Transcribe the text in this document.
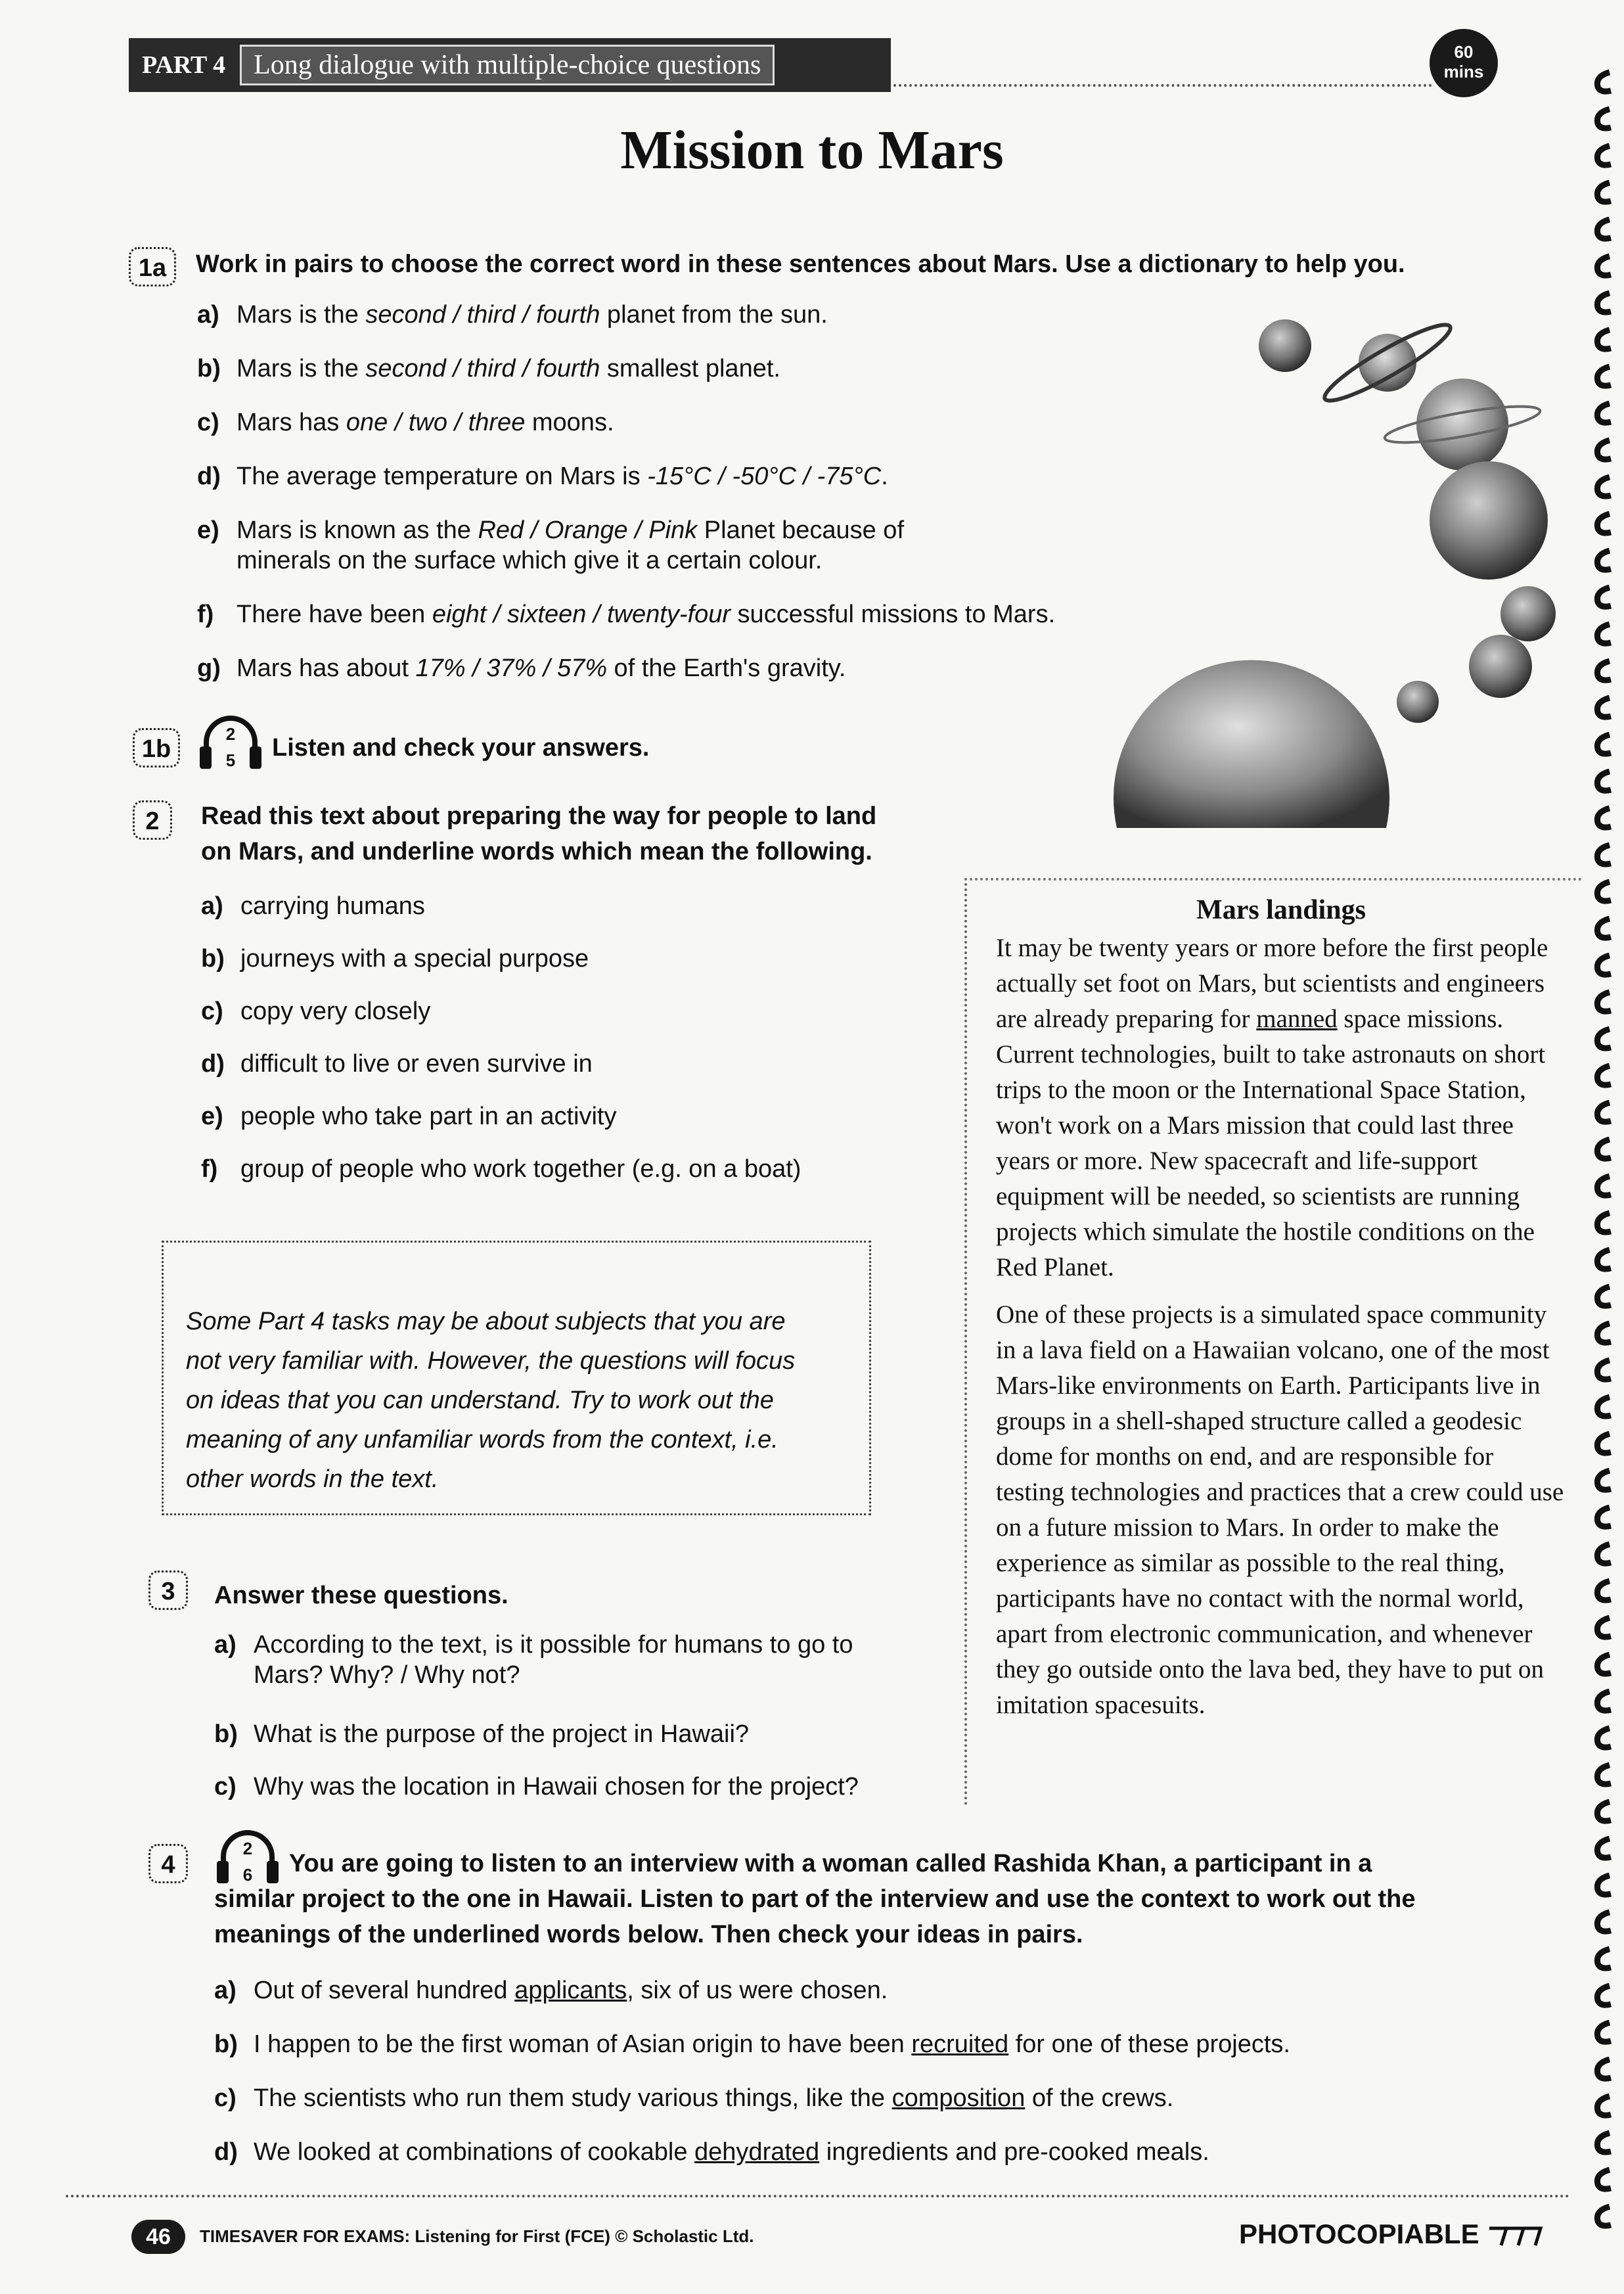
PART 4	Long dialogue with multiple-choice questions	60
mins
Mission to Mars
1a	Work in pairs to choose the correct word in these sentences about Mars. Use a dictionary to help you.
a) Mars is the second / third / fourth planet from the sun.
b) Mars is the second / third / fourth smallest planet.
c) Mars has one / two / three moons.
d) The average temperature on Mars is -15°C / -50°C / -75°C.
e) Mars is known as the Red / Orange / Pink Planet because of
minerals on the surface which give it a certain colour.
f) There have been eight / sixteen / twenty-four successful missions to Mars.
g) Mars has about 17% / 37% / 57% of the Earth's gravity.
1b
2
5 Listen and check your answers.
2	Read this text about preparing the way for people to land
on Mars, and underline words which mean the following.
a) carrying humans
b) journeys with a special purpose
c) copy very closely
d) difficult to live or even survive in
e) people who take part in an activity
f) group of people who work together (e.g. on a boat)
Some Part 4 tasks may be about subjects that you are
not very familiar with. However, the questions will focus
on ideas that you can understand. Try to work out the
meaning of any unfamiliar words from the context, i.e.
other words in the text.
Mars landings

It may be twenty years or more before the first people actually set foot on Mars, but scientists and engineers are already preparing for manned space missions. Current technologies, built to take astronauts on short trips to the moon or the International Space Station, won't work on a Mars mission that could last three years or more. New spacecraft and life-support equipment will be needed, so scientists are running projects which simulate the hostile conditions on the Red Planet.

One of these projects is a simulated space community in a lava field on a Hawaiian volcano, one of the most Mars-like environments on Earth. Participants live in groups in a shell-shaped structure called a geodesic dome for months on end, and are responsible for testing technologies and practices that a crew could use on a future mission to Mars. In order to make the experience as similar as possible to the real thing, participants have no contact with the normal world, apart from electronic communication, and whenever they go outside onto the lava bed, they have to put on imitation spacesuits.

3	Answer these questions.
a) According to the text, is it possible for humans to go to
Mars? Why? / Why not?
b) What is the purpose of the project in Hawaii?
c) Why was the location in Hawaii chosen for the project?
4
2
6 You are going to listen to an interview with a woman called Rashida Khan, a participant in a
similar project to the one in Hawaii. Listen to part of the interview and use the context to work out the
meanings of the underlined words below. Then check your ideas in pairs.
a) Out of several hundred applicants, six of us were chosen.
b) I happen to be the first woman of Asian origin to have been recruited for one of these projects.
c) The scientists who run them study various things, like the composition of the crews.
d) We looked at combinations of cookable dehydrated ingredients and pre-cooked meals.
46	TIMESAVER FOR EXAMS: Listening for First (FCE) © Scholastic Ltd.	PHOTOCOPIABLE
